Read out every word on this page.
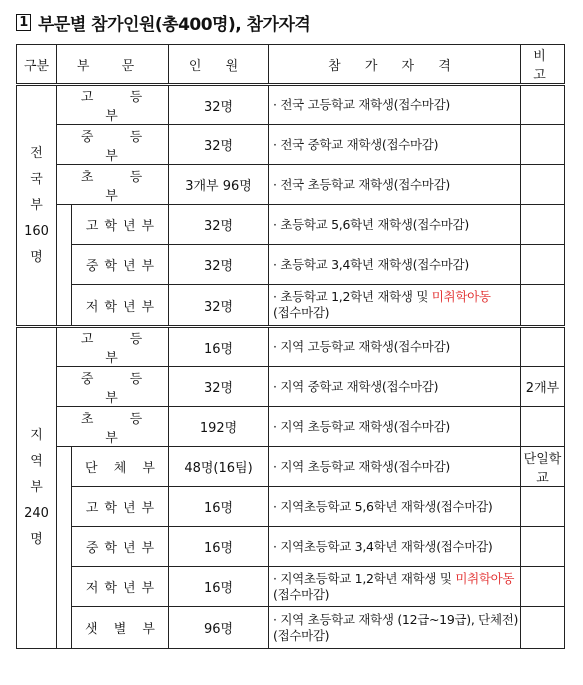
1 부문별 참가인원(총400명), 참가자격
구분	부 문		인 원	참 가 자 격	비 고

전
국
부
160
명	고 등 부		32명	· 전국 고등학교 재학생(접수마감)	
	중 등 부		32명	· 전국 중학교 재학생(접수마감)	
	초 등 부		3개부 96명	· 전국 초등학교 재학생(접수마감)	
		고학년부	32명	· 초등학교 5,6학년 재학생(접수마감)	
		중학년부	32명	· 초등학교 3,4학년 재학생(접수마감)	
		저학년부	32명	· 초등학교 1,2학년 재학생 및 미취학아동
(접수마감)	

지
역
부
240
명	고 등 부		16명	· 지역 고등학교 재학생(접수마감)	
	중 등 부		32명	· 지역 중학교 재학생(접수마감)	2개부
	초 등 부		192명	· 지역 초등학교 재학생(접수마감)	
		단 체 부	48명(16팀)	· 지역 초등학교 재학생(접수마감)	단일학교
		고학년부	16명	· 지역초등학교 5,6학년 재학생(접수마감)	
		중학년부	16명	· 지역초등학교 3,4학년 재학생(접수마감)	
		저학년부	16명	· 지역초등학교 1,2학년 재학생 및 미취학아동
(접수마감)	
		샛 별 부	96명	· 지역 초등학교 재학생 (12급~19급), 단체전)
(접수마감)	
